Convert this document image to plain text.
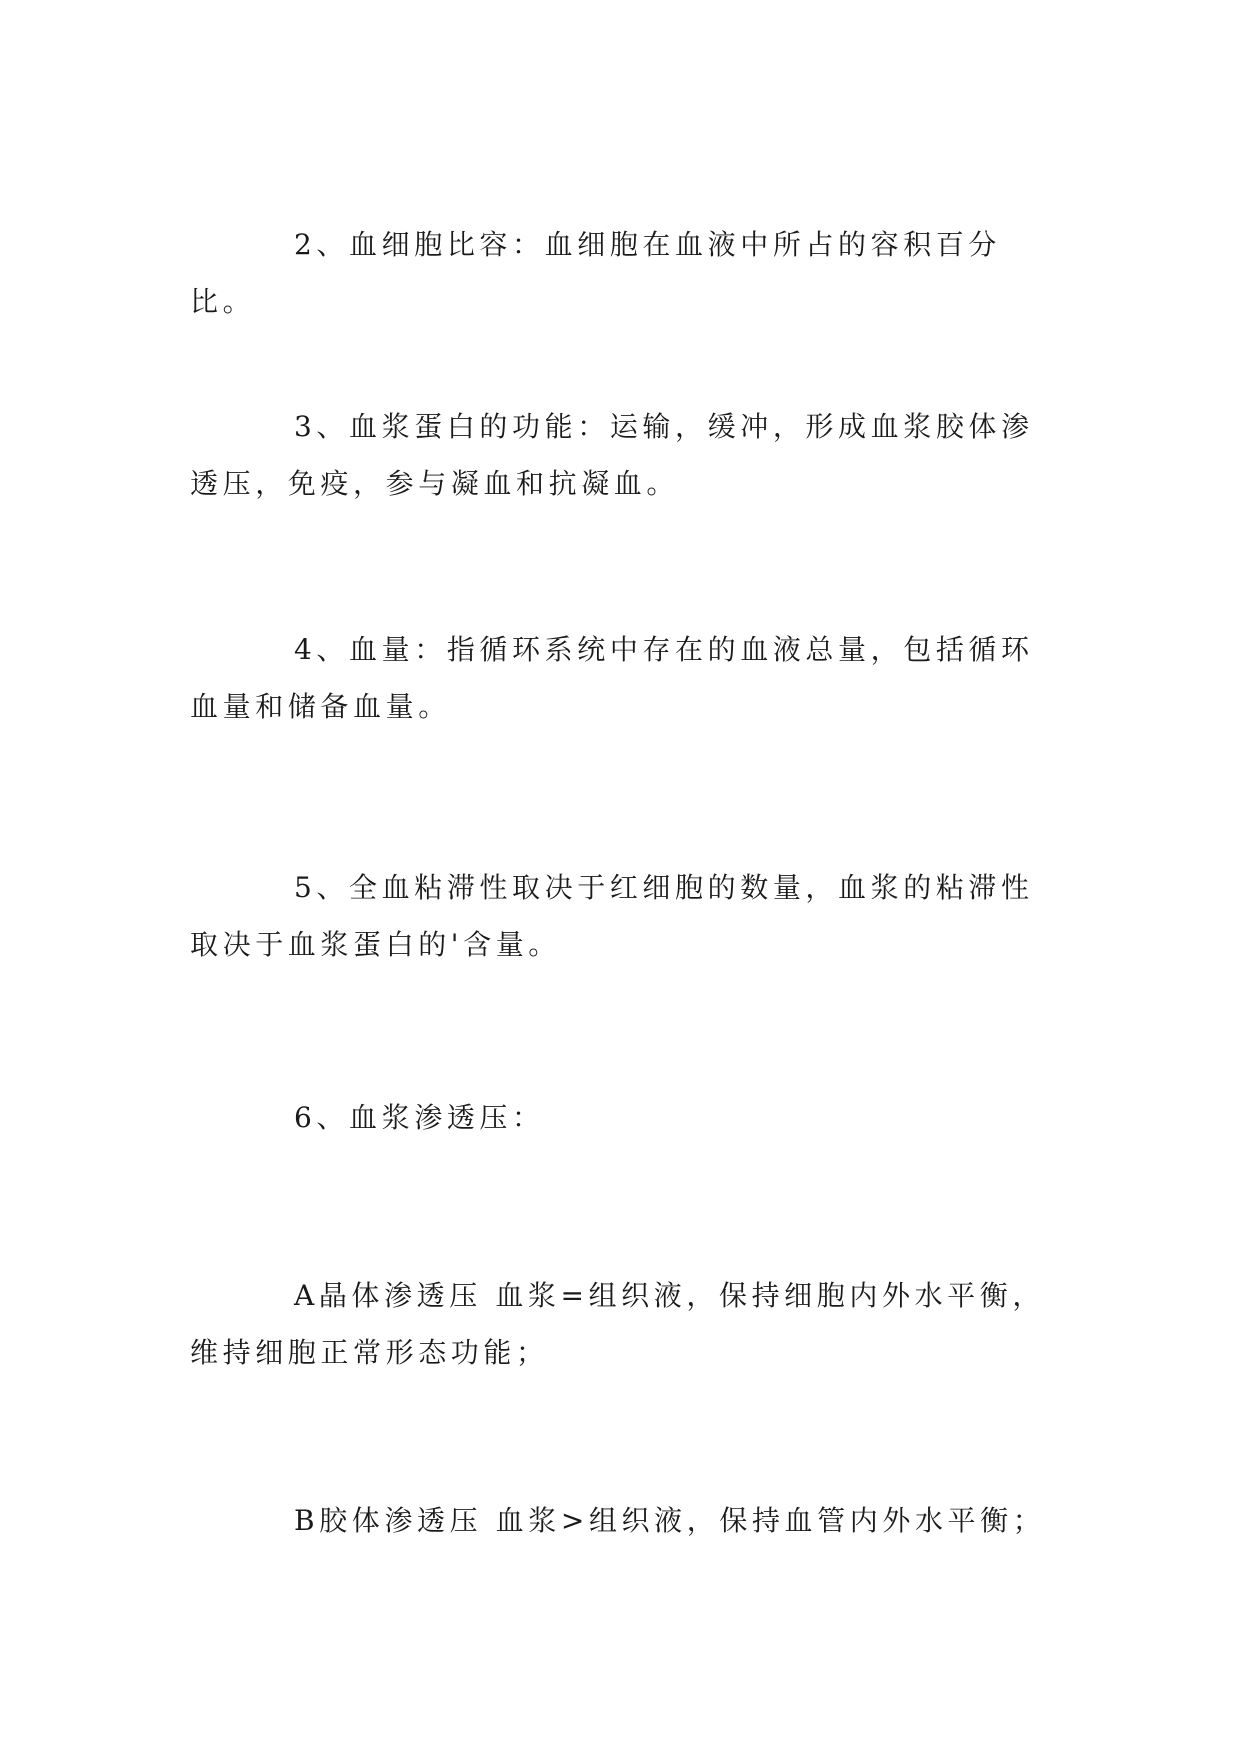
2、血细胞比容：血细胞在血液中所占的容积百分比。

3、血浆蛋白的功能：运输，缓冲，形成血浆胶体渗透压，免疫，参与凝血和抗凝血。

4、血量：指循环系统中存在的血液总量，包括循环血量和储备血量。

5、全血粘滞性取决于红细胞的数量，血浆的粘滞性取决于血浆蛋白的'含量。

6、血浆渗透压：

A晶体渗透压 血浆=组织液，保持细胞内外水平衡，维持细胞正常形态功能；

B胶体渗透压 血浆>组织液，保持血管内外水平衡；
